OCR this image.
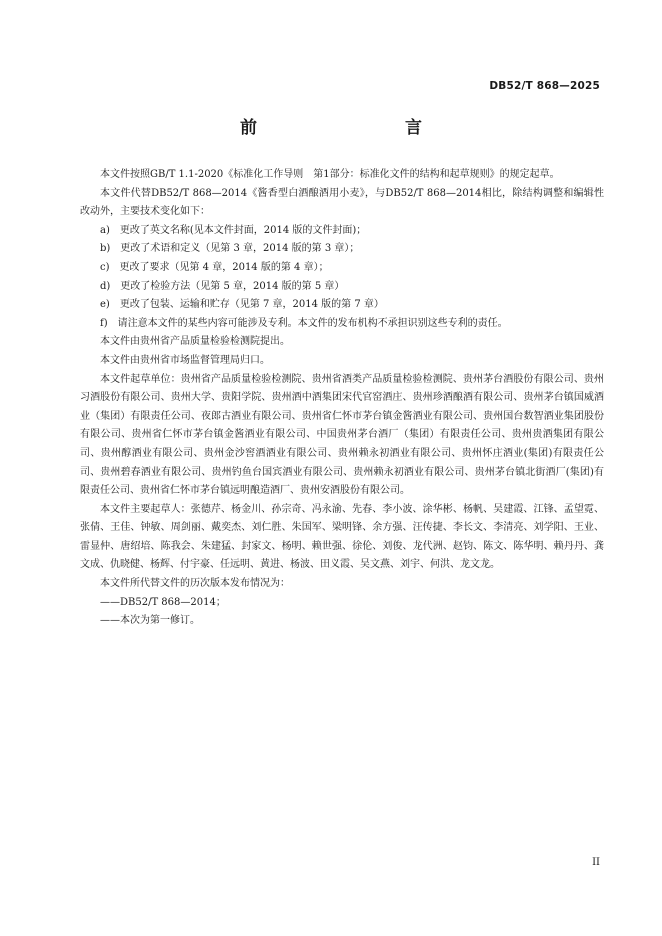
DB52/T 868—2025
前　　言

本文件按照GB/T 1.1-2020《标准化工作导则　第1部分：标准化文件的结构和起草规则》的规定起草。

本文件代替DB52/T 868—2014《酱香型白酒酿酒用小麦》，与DB52/T 868—2014相比，除结构调整和编辑性改动外，主要技术变化如下：

a)　更改了英文名称(见本文件封面，2014 版的文件封面)；

b)　更改了术语和定义（见第 3 章，2014 版的第 3 章）；

c)　更改了要求（见第 4 章，2014 版的第 4 章）；

d)　更改了检验方法（见第 5 章，2014 版的第 5 章）

e)　更改了包装、运输和贮存（见第 7 章，2014 版的第 7 章）

f)　请注意本文件的某些内容可能涉及专利。本文件的发布机构不承担识别这些专利的责任。

本文件由贵州省产品质量检验检测院提出。

本文件由贵州省市场监督管理局归口。

本文件起草单位：贵州省产品质量检验检测院、贵州省酒类产品质量检验检测院、贵州茅台酒股份有限公司、贵州习酒股份有限公司、贵州大学、贵阳学院、贵州酒中酒集团宋代官窑酒庄、贵州珍酒酿酒有限公司、贵州茅台镇国威酒业（集团）有限责任公司、夜郎古酒业有限公司、贵州省仁怀市茅台镇金酱酒业有限公司、贵州国台数智酒业集团股份有限公司、贵州省仁怀市茅台镇金酱酒业有限公司、中国贵州茅台酒厂（集团）有限责任公司、贵州贵酒集团有限公司、贵州醇酒业有限公司、贵州金沙窖酒酒业有限公司、贵州赖永初酒业有限公司、贵州怀庄酒业(集团)有限责任公司、贵州碧春酒业有限公司、贵州钓鱼台国宾酒业有限公司、贵州赖永初酒业有限公司、贵州茅台镇北街酒厂(集团)有限责任公司、贵州省仁怀市茅台镇远明酿造酒厂、贵州安酒股份有限公司。

本文件主要起草人：张德芹、杨金川、孙宗奇、冯永渝、先春、李小波、涂华彬、杨帆、吴建霞、江锋、孟望霓、张倩、王佳、钟敏、周剑丽、戴奕杰、刘仁胜、朱国军、梁明锋、余方强、汪传捷、李长文、李清亮、刘学阳、王业、雷显仲、唐绍培、陈我会、朱建猛、封家文、杨明、赖世强、徐伦、刘俊、龙代洲、赵钧、陈文、陈华明、赖丹丹、龚文成、仇晓健、杨辉、付宇豪、任远明、黄进、杨波、田义霞、吴文燕、刘宇、何洪、龙文龙。

本文件所代替文件的历次版本发布情况为：

——DB52/T 868—2014；

——本次为第一修订。

II
